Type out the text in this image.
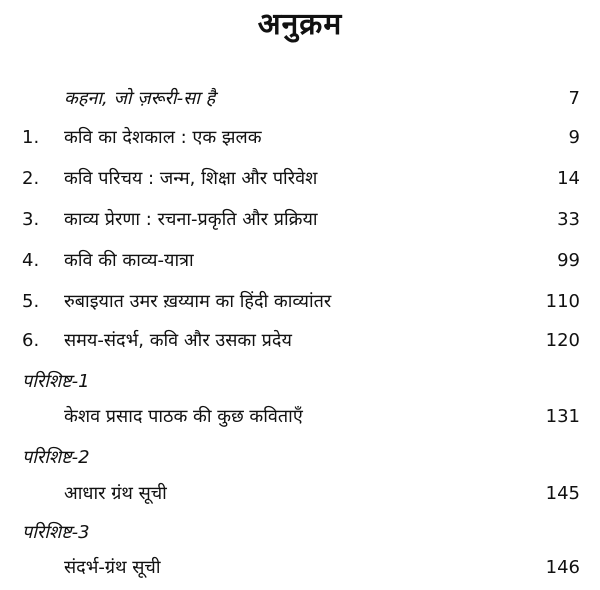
अनुक्रम
कहना, जो ज़रूरी-सा है	7
1. कवि का देशकाल : एक झलक	9
2. कवि परिचय : जन्म, शिक्षा और परिवेश	14
3. काव्य प्रेरणा : रचना-प्रकृति और प्रक्रिया	33
4. कवि की काव्य-यात्रा	99
5. रुबाइयात उमर ख़य्याम का हिंदी काव्यांतर	110
6. समय-संदर्भ, कवि और उसका प्रदेय	120
परिशिष्ट-1
केशव प्रसाद पाठक की कुछ कविताएँ	131
परिशिष्ट-2
आधार ग्रंथ सूची	145
परिशिष्ट-3
संदर्भ-ग्रंथ सूची	146
